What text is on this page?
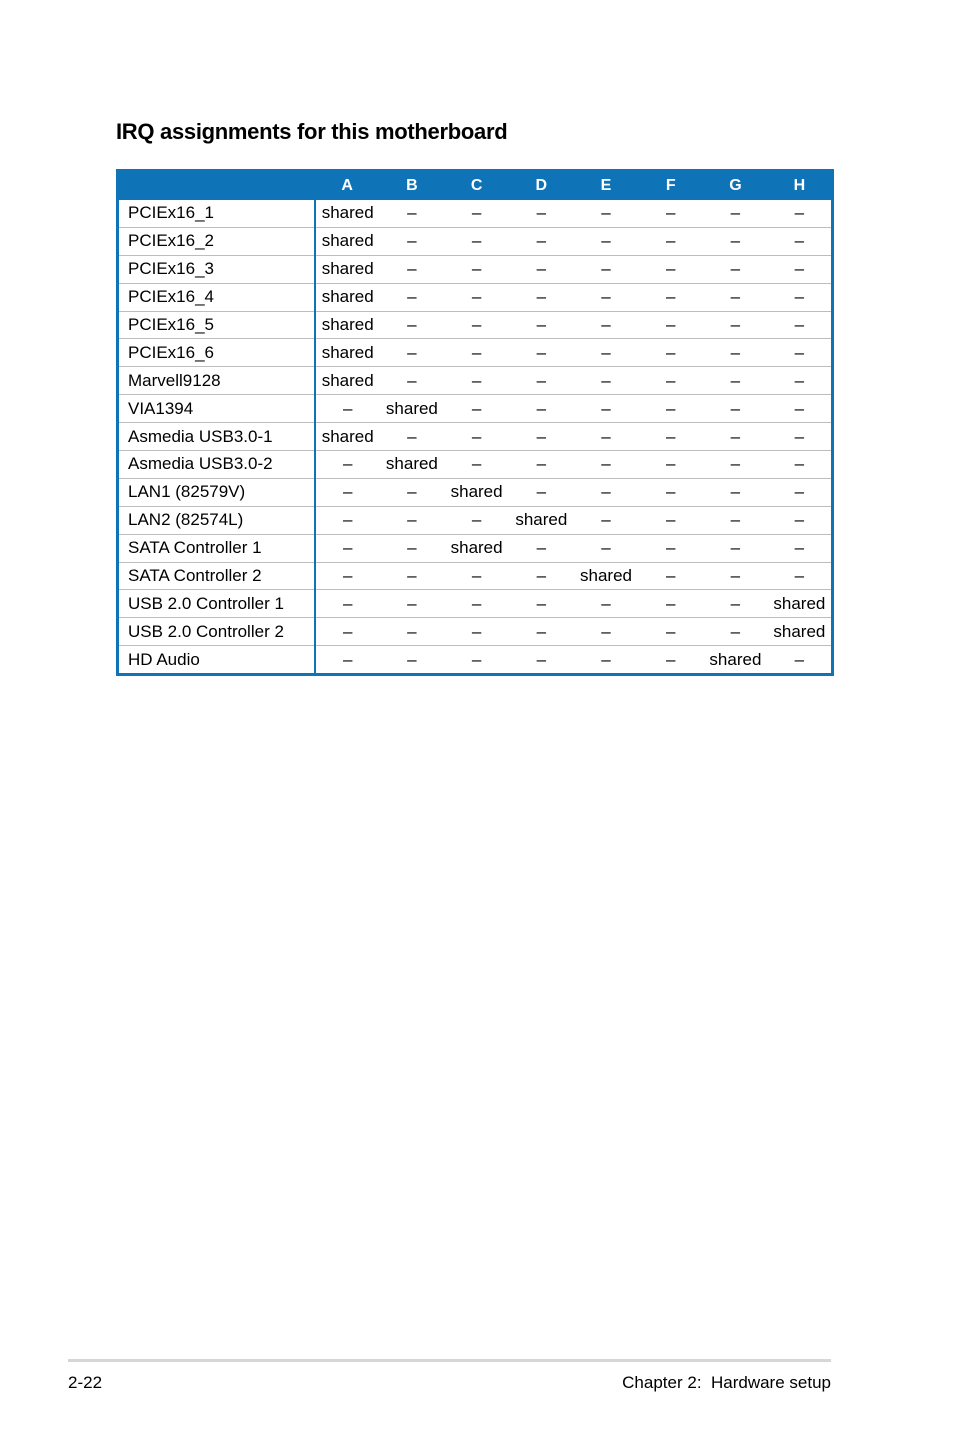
IRQ assignments for this motherboard
	A	B	C	D	E	F	G	H
PCIEx16_1	shared	–	–	–	–	–	–	–
PCIEx16_2	shared	–	–	–	–	–	–	–
PCIEx16_3	shared	–	–	–	–	–	–	–
PCIEx16_4	shared	–	–	–	–	–	–	–
PCIEx16_5	shared	–	–	–	–	–	–	–
PCIEx16_6	shared	–	–	–	–	–	–	–
Marvell9128	shared	–	–	–	–	–	–	–
VIA1394	–	shared	–	–	–	–	–	–
Asmedia USB3.0-1	shared	–	–	–	–	–	–	–
Asmedia USB3.0-2	–	shared	–	–	–	–	–	–
LAN1 (82579V)	–	–	shared	–	–	–	–	–
LAN2 (82574L)	–	–	–	shared	–	–	–	–
SATA Controller 1	–	–	shared	–	–	–	–	–
SATA Controller 2	–	–	–	–	shared	–	–	–
USB 2.0 Controller 1	–	–	–	–	–	–	–	shared
USB 2.0 Controller 2	–	–	–	–	–	–	–	shared
HD Audio	–	–	–	–	–	–	shared	–
2-22	Chapter 2:  Hardware setup
